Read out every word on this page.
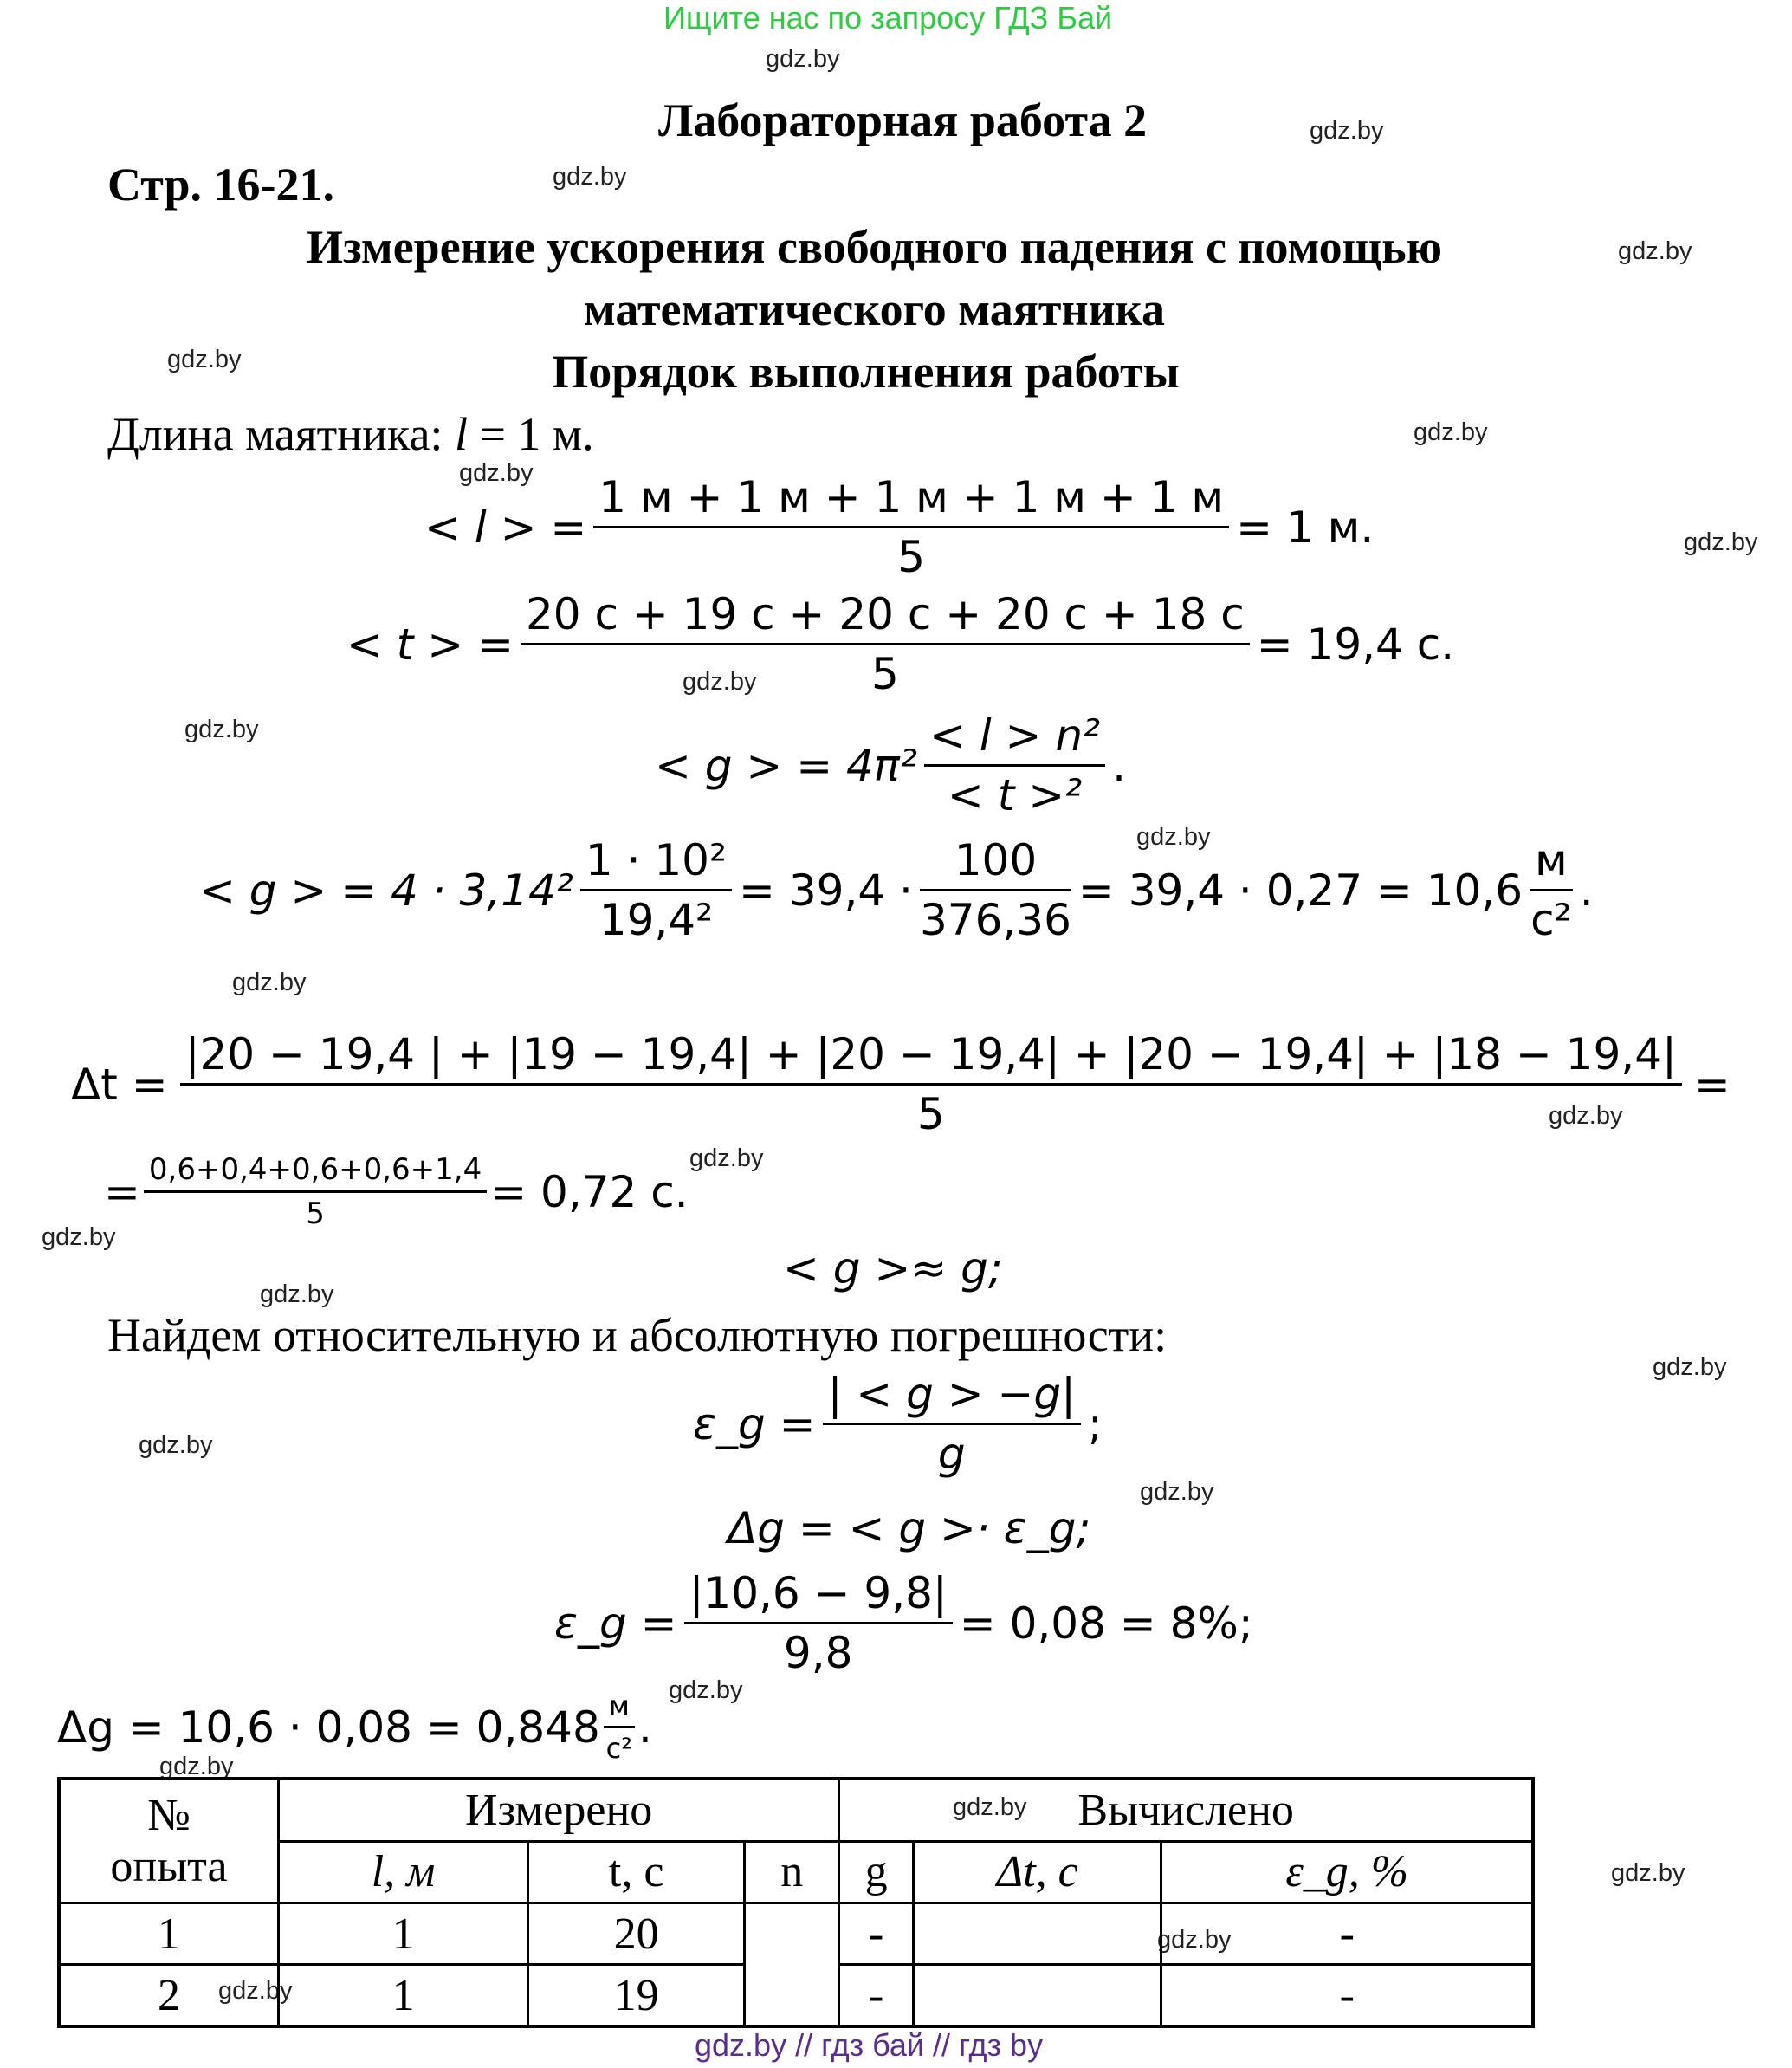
Ищите нас по запросу ГДЗ Бай
gdz.by
gdz.by
gdz.by
gdz.by
gdz.by
gdz.by
gdz.by
gdz.by
gdz.by
gdz.by
gdz.by
gdz.by
gdz.by
gdz.by
gdz.by
gdz.by
gdz.by
gdz.by
gdz.by
gdz.by
gdz.by
gdz.by
gdz.by
gdz.by
gdz.by
Лабораторная работа 2
Стр. 16-21.
Измерение ускорения свободного падения с помощью
математического маятника
Порядок выполнения работы
Длина маятника: l = 1 м.
< l > = $\frac{1 м + 1 м + 1 м + 1 м + 1 м}{5} = 1$ м.
< t > = $\frac{20 с + 19 с + 20 с + 20 с + 18 с}{5} = 19,4$ с.
< g > = $4\pi^2 \frac{\text{< l > n²}}{\text{< t >²}}$ .
< g > = $4 \cdot 3,14^2 \frac{\text{1 · 10²}}{\text{19,4²}} = 39,4 \cdot \frac{100}{376,36} = 39,4 \cdot 0,27 = 10,6 \frac{м}{\text{с²}}$ .
Δt =
|20 − 19,4 | + |19 − 19,4| + |20 − 19,4| + |20 − 19,4| + |18 − 19,4|
5
=
= $\frac{0,6+0,4+0,6+0,6+1,4}{5} = 0,72$ с.
< g >≈ g;
Найдем относительную и абсолютную погрешности:
ε_g = $\frac{| < g > -g|}{g}$ ;
Δg = < g >· ε_g;
ε_g = $\frac{|10,6 - 9,8|}{9,8} = 0,08 = 8\%$;
$\Delta g = 10,6 \cdot 0,08 = 0,848 \frac{м}{\text{с²}}$ .
№
опыта	Измерено			Вычислено		
	l, м	t, с	n	g	Δt, с	ε_g, %
1	1	20		-		-
2	1	19		-		-
gdz.by // гдз бай // гдз by
